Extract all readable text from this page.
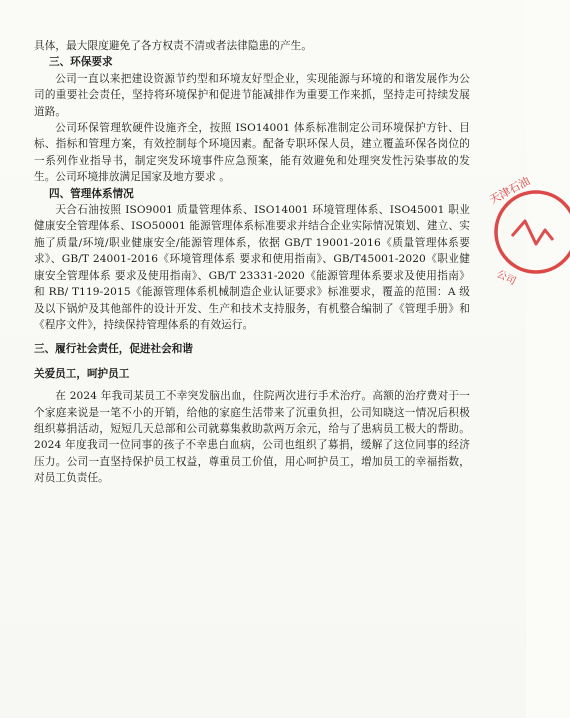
具体，最大限度避免了各方权责不清或者法律隐患的产生。

三、环保要求

公司一直以来把建设资源节约型和环境友好型企业，实现能源与环境的和谐发展作为公司的重要社会责任，坚持将环境保护和促进节能减排作为重要工作来抓，坚持走可持续发展道路。

公司环保管理软硬件设施齐全，按照 ISO14001 体系标准制定公司环境保护方针、目标、指标和管理方案，有效控制每个环境因素。配备专职环保人员，建立覆盖环保各岗位的一系列作业指导书，制定突发环境事件应急预案，能有效避免和处理突发性污染事故的发生。公司环境排放满足国家及地方要求 。

四、管理体系情况

天合石油按照 ISO9001 质量管理体系、ISO14001 环境管理体系、ISO45001 职业健康安全管理体系、ISO50001 能源管理体系标准要求并结合企业实际情况策划、建立、实施了质量/环境/职业健康安全/能源管理体系，依据 GB/T 19001-2016《质量管理体系要求》、GB/T 24001-2016《环境管理体系 要求和使用指南》、GB/T45001-2020《职业健康安全管理体系 要求及使用指南》、GB/T 23331-2020《能源管理体系要求及使用指南》和 RB/ T119-2015《能源管理体系机械制造企业认证要求》标准要求，覆盖的范围：A 级及以下锅炉及其他部件的设计开发、生产和技术支持服务，有机整合编制了《管理手册》和《程序文件》，持续保持管理体系的有效运行。

三、履行社会责任，促进社会和谐

关爱员工，呵护员工

在 2024 年我司某员工不幸突发脑出血，住院两次进行手术治疗。高额的治疗费对于一个家庭来说是一笔不小的开销，给他的家庭生活带来了沉重负担，公司知晓这一情况后积极组织募捐活动，短短几天总部和公司就募集救助款两万余元，给与了患病员工极大的帮助。2024 年度我司一位同事的孩子不幸患白血病，公司也组织了募捐，缓解了这位同事的经济压力。公司一直坚持保护员工权益，尊重员工价值，用心呵护员工，增加员工的幸福指数，对员工负责任。

天津石油
公司
